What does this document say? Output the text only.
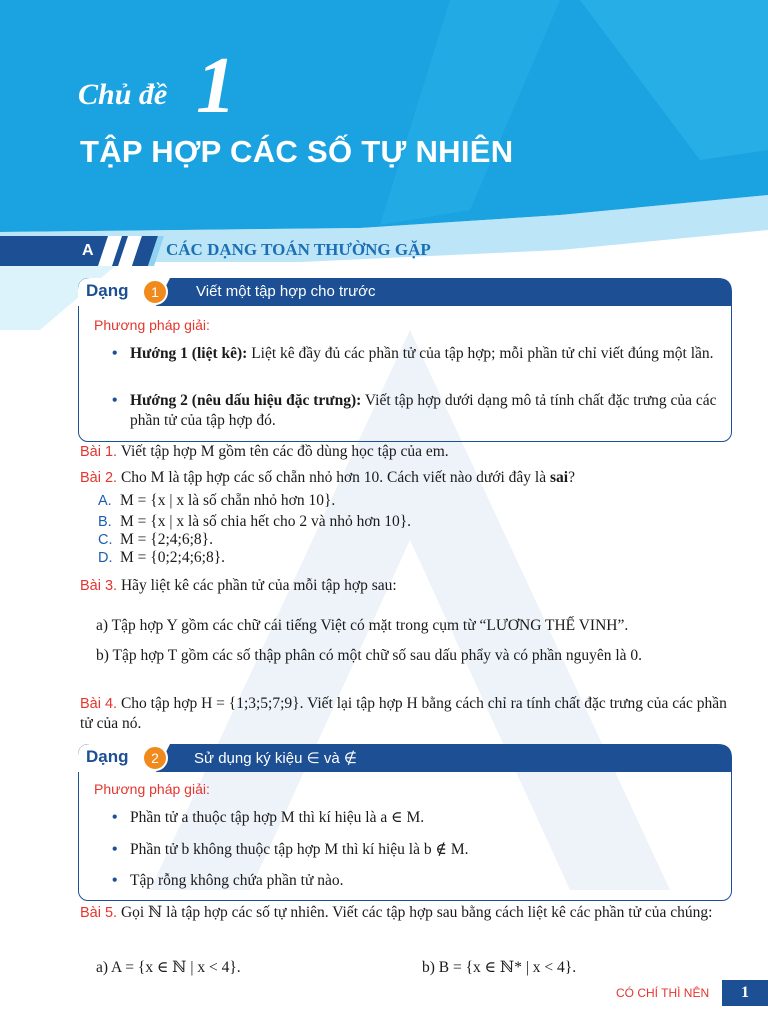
Chủ đề 1
TẬP HỢP CÁC SỐ TỰ NHIÊN
A	CÁC DẠNG TOÁN THƯỜNG GẶP
Dạng	1	Viết một tập hợp cho trước
Phương pháp giải:
• Hướng 1 (liệt kê): Liệt kê đầy đủ các phần tử của tập hợp; mỗi phần tử chỉ viết đúng một lần.
• Hướng 2 (nêu dấu hiệu đặc trưng): Viết tập hợp dưới dạng mô tả tính chất đặc trưng của các phần tử của tập hợp đó.
Bài 1. Viết tập hợp M gồm tên các đồ dùng học tập của em.
Bài 2. Cho M là tập hợp các số chẵn nhỏ hơn 10. Cách viết nào dưới đây là sai?
A. M = {x | x là số chẵn nhỏ hơn 10}.
B. M = {x | x là số chia hết cho 2 và nhỏ hơn 10}.
C. M = {2;4;6;8}.
D. M = {0;2;4;6;8}.
Bài 3. Hãy liệt kê các phần tử của mỗi tập hợp sau:
a) Tập hợp Y gồm các chữ cái tiếng Việt có mặt trong cụm từ “LƯƠNG THẾ VINH”.
b) Tập hợp T gồm các số thập phân có một chữ số sau dấu phẩy và có phần nguyên là 0.
Bài 4. Cho tập hợp H = {1;3;5;7;9}. Viết lại tập hợp H bằng cách chỉ ra tính chất đặc trưng của các phần tử của nó.
Dạng	2	Sử dụng ký kiệu ∈ và ∉
Phương pháp giải:
• Phần tử a thuộc tập hợp M thì kí hiệu là a ∈ M.
• Phần tử b không thuộc tập hợp M thì kí hiệu là b ∉ M.
• Tập rỗng không chứa phần tử nào.
Bài 5. Gọi ℕ là tập hợp các số tự nhiên. Viết các tập hợp sau bằng cách liệt kê các phần tử của chúng:
a) A = {x ∈ ℕ | x < 4}.	b) B = {x ∈ ℕ* | x < 4}.
CÓ CHÍ THÌ NÊN	1
